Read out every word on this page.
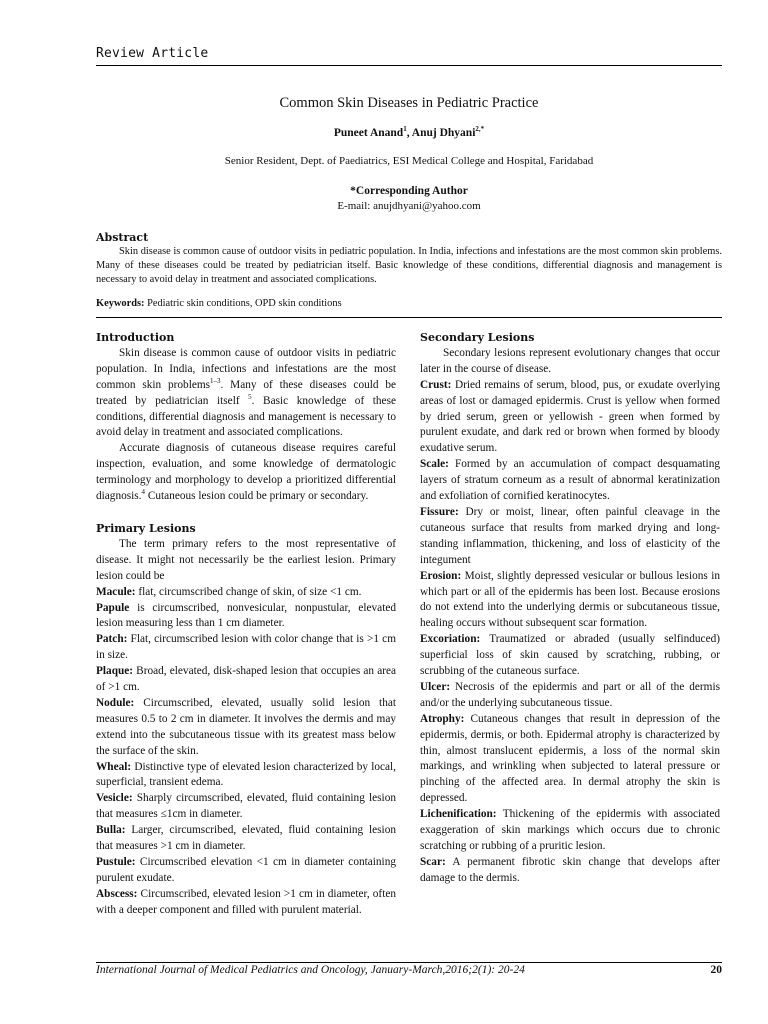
Review Article
Common Skin Diseases in Pediatric Practice
Puneet Anand$^1$, Anuj Dhyani$^{2,*}$
Senior Resident, Dept. of Paediatrics, ESI Medical College and Hospital, Faridabad
*Corresponding Author
E-mail: anujdhyani@yahoo.com
Abstract
Skin disease is common cause of outdoor visits in pediatric population. In India, infections and infestations are the most common skin problems. Many of these diseases could be treated by pediatrician itself. Basic knowledge of these conditions, differential diagnosis and management is necessary to avoid delay in treatment and associated complications.
Keywords: Pediatric skin conditions, OPD skin conditions

Introduction

Skin disease is common cause of outdoor visits in pediatric population. In India, infections and infestations are the most common skin problems$^{1-3}$. Many of these diseases could be treated by pediatrician itself $^5$. Basic knowledge of these conditions, differential diagnosis and management is necessary to avoid delay in treatment and associated complications.

Accurate diagnosis of cutaneous disease requires careful inspection, evaluation, and some knowledge of dermatologic terminology and morphology to develop a prioritized differential diagnosis.$^4$ Cutaneous lesion could be primary or secondary.

Primary Lesions

The term primary refers to the most representative of disease. It might not necessarily be the earliest lesion. Primary lesion could be

Macule: flat, circumscribed change of skin, of size <1 cm.

Papule is circumscribed, nonvesicular, nonpustular, elevated lesion measuring less than 1 cm diameter.

Patch: Flat, circumscribed lesion with color change that is >1 cm in size.

Plaque: Broad, elevated, disk-shaped lesion that occupies an area of >1 cm.

Nodule: Circumscribed, elevated, usually solid lesion that measures 0.5 to 2 cm in diameter. It involves the dermis and may extend into the subcutaneous tissue with its greatest mass below the surface of the skin.

Wheal: Distinctive type of elevated lesion characterized by local, superficial, transient edema.

Vesicle: Sharply circumscribed, elevated, fluid containing lesion that measures ≤1cm in diameter.

Bulla: Larger, circumscribed, elevated, fluid containing lesion that measures >1 cm in diameter.

Pustule: Circumscribed elevation <1 cm in diameter containing purulent exudate.

Abscess: Circumscribed, elevated lesion >1 cm in diameter, often with a deeper component and filled with purulent material.

Secondary Lesions

Secondary lesions represent evolutionary changes that occur later in the course of disease.

Crust: Dried remains of serum, blood, pus, or exudate overlying areas of lost or damaged epidermis. Crust is yellow when formed by dried serum, green or yellowish - green when formed by purulent exudate, and dark red or brown when formed by bloody exudative serum.

Scale: Formed by an accumulation of compact desquamating layers of stratum corneum as a result of abnormal keratinization and exfoliation of cornified keratinocytes.

Fissure: Dry or moist, linear, often painful cleavage in the cutaneous surface that results from marked drying and long-standing inflammation, thickening, and loss of elasticity of the integument

Erosion: Moist, slightly depressed vesicular or bullous lesions in which part or all of the epidermis has been lost. Because erosions do not extend into the underlying dermis or subcutaneous tissue, healing occurs without subsequent scar formation.

Excoriation: Traumatized or abraded (usually selfinduced) superficial loss of skin caused by scratching, rubbing, or scrubbing of the cutaneous surface.

Ulcer: Necrosis of the epidermis and part or all of the dermis and/or the underlying subcutaneous tissue.

Atrophy: Cutaneous changes that result in depression of the epidermis, dermis, or both. Epidermal atrophy is characterized by thin, almost translucent epidermis, a loss of the normal skin markings, and wrinkling when subjected to lateral pressure or pinching of the affected area. In dermal atrophy the skin is depressed.

Lichenification: Thickening of the epidermis with associated exaggeration of skin markings which occurs due to chronic scratching or rubbing of a pruritic lesion.

Scar: A permanent fibrotic skin change that develops after damage to the dermis.

International Journal of Medical Pediatrics and Oncology, January-March,2016;2(1): 20-24	20
